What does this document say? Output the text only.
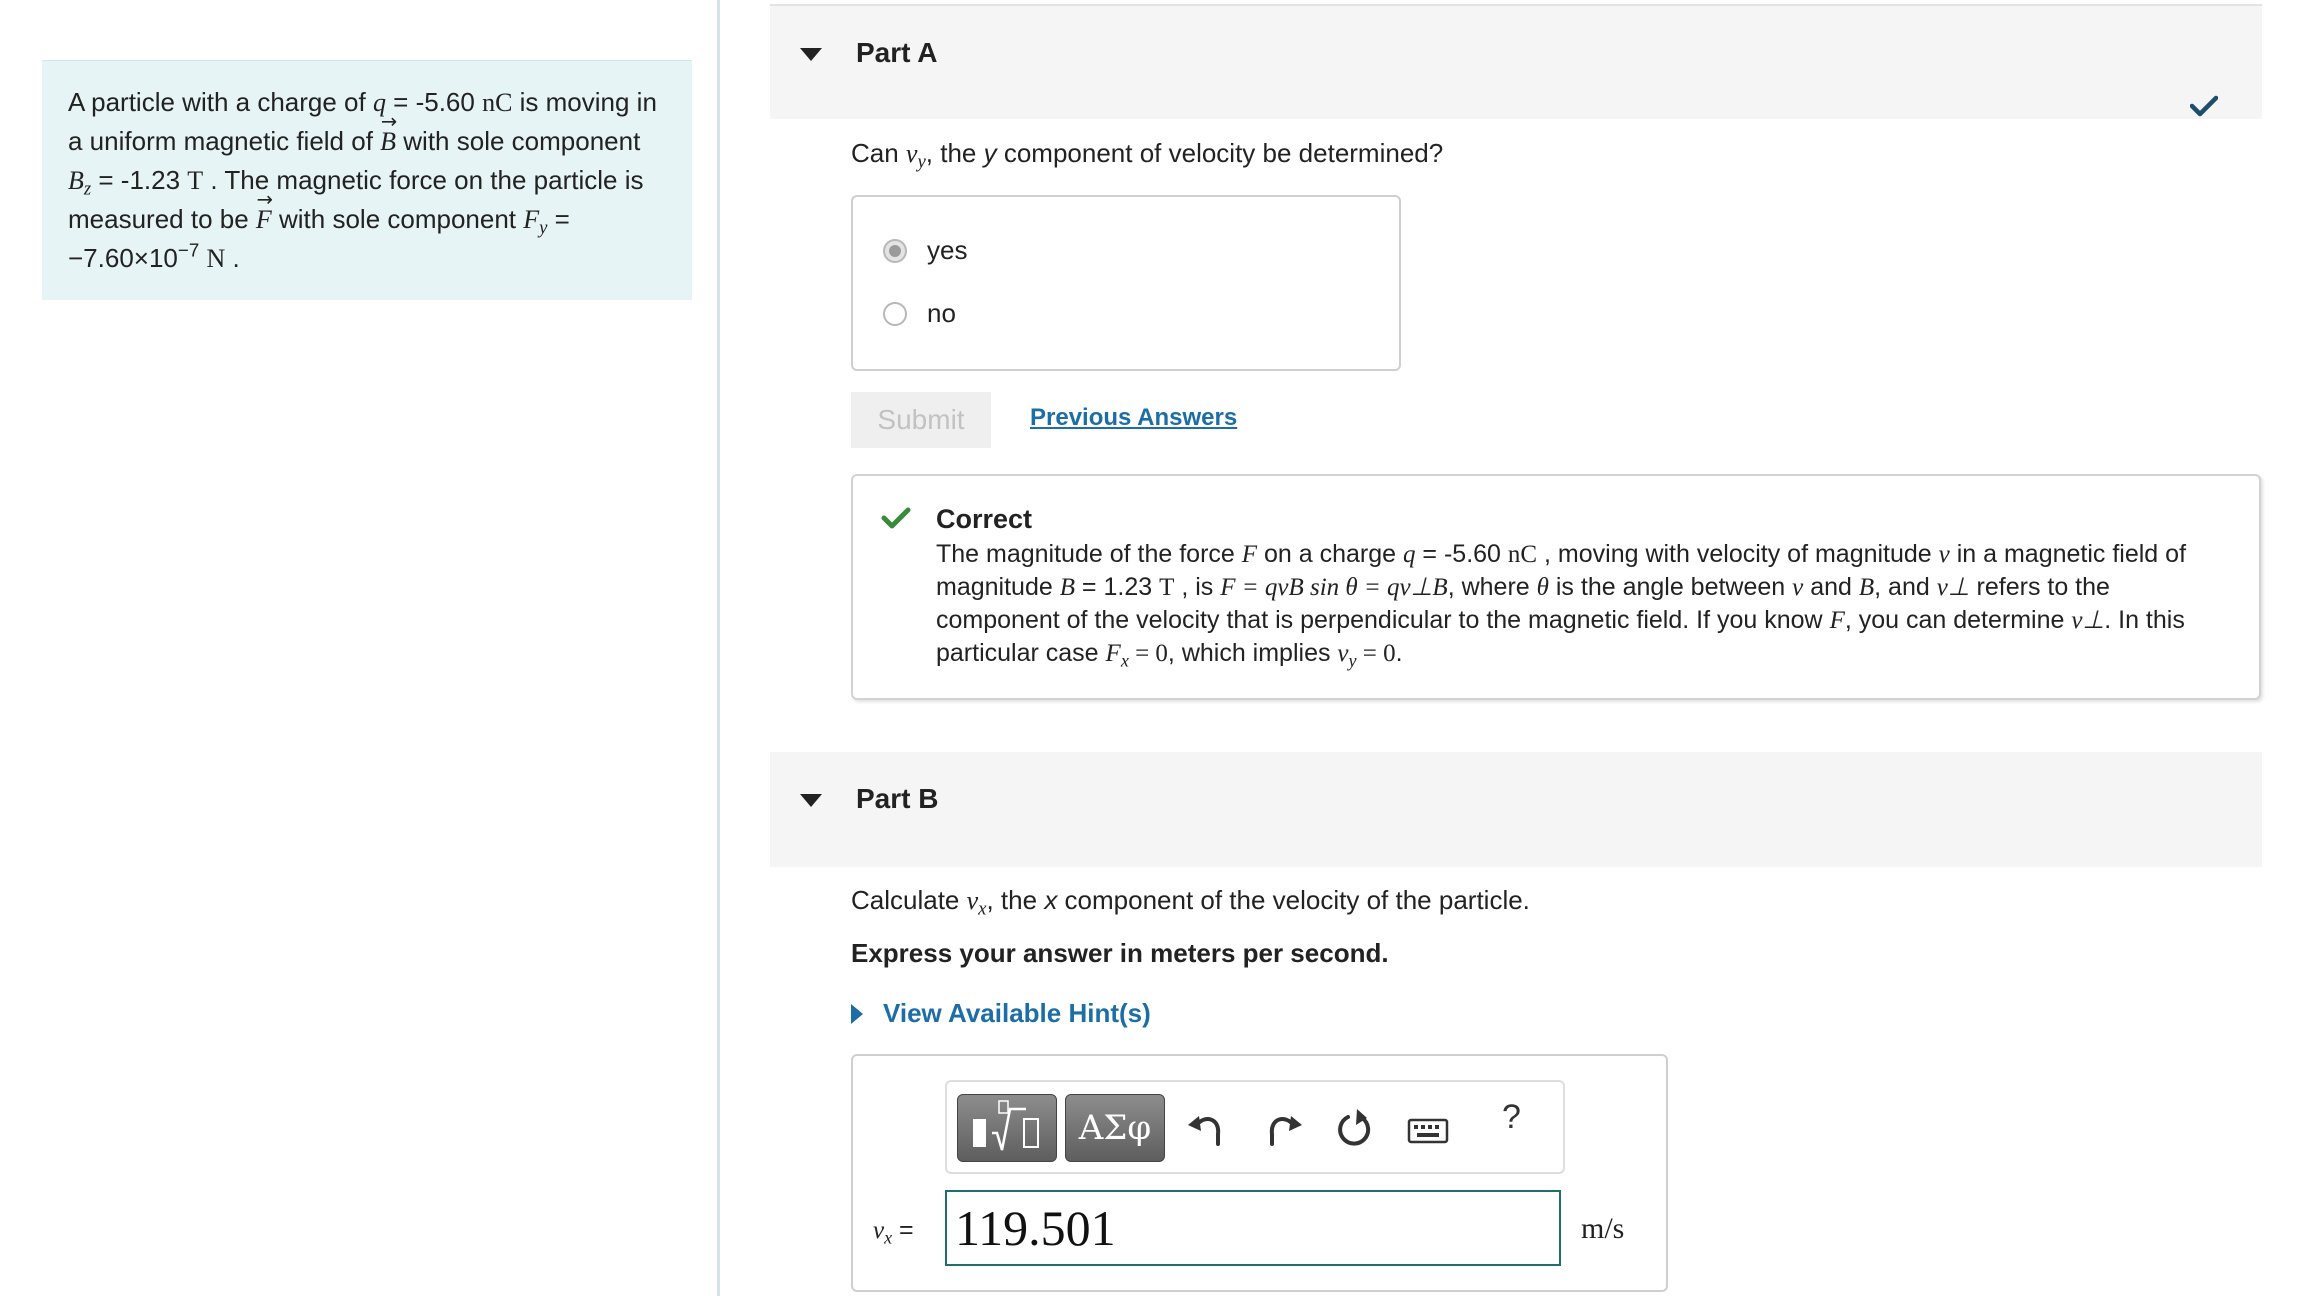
A particle with a charge of q = -5.60 nC is moving in a uniform magnetic field of → B with sole component $B_z = -1.23$ T . The magnetic force on the particle is measured to be → F with sole component $F_y = -7.60\times 10^{-7}$ N .
Part A
Can $v_y$, the y component of velocity be determined?
yes
no
Submit	Previous Answers
Correct
The magnitude of the force F on a charge q = -5.60 nC , moving with velocity of magnitude v in a magnetic field of magnitude B = 1.23 T , is F = qvB sin θ = qv⊥B, where θ is the angle between v and B, and v⊥ refers to the component of the velocity that is perpendicular to the magnetic field. If you know F, you can determine v⊥. In this particular case $F_x = 0$, which implies $v_y = 0$.
Part B
Calculate $v_x$, the x component of the velocity of the particle.
Express your answer in meters per second.
View Available Hint(s)
ΑΣφ	?
$v_x = 119.501$	m/s
